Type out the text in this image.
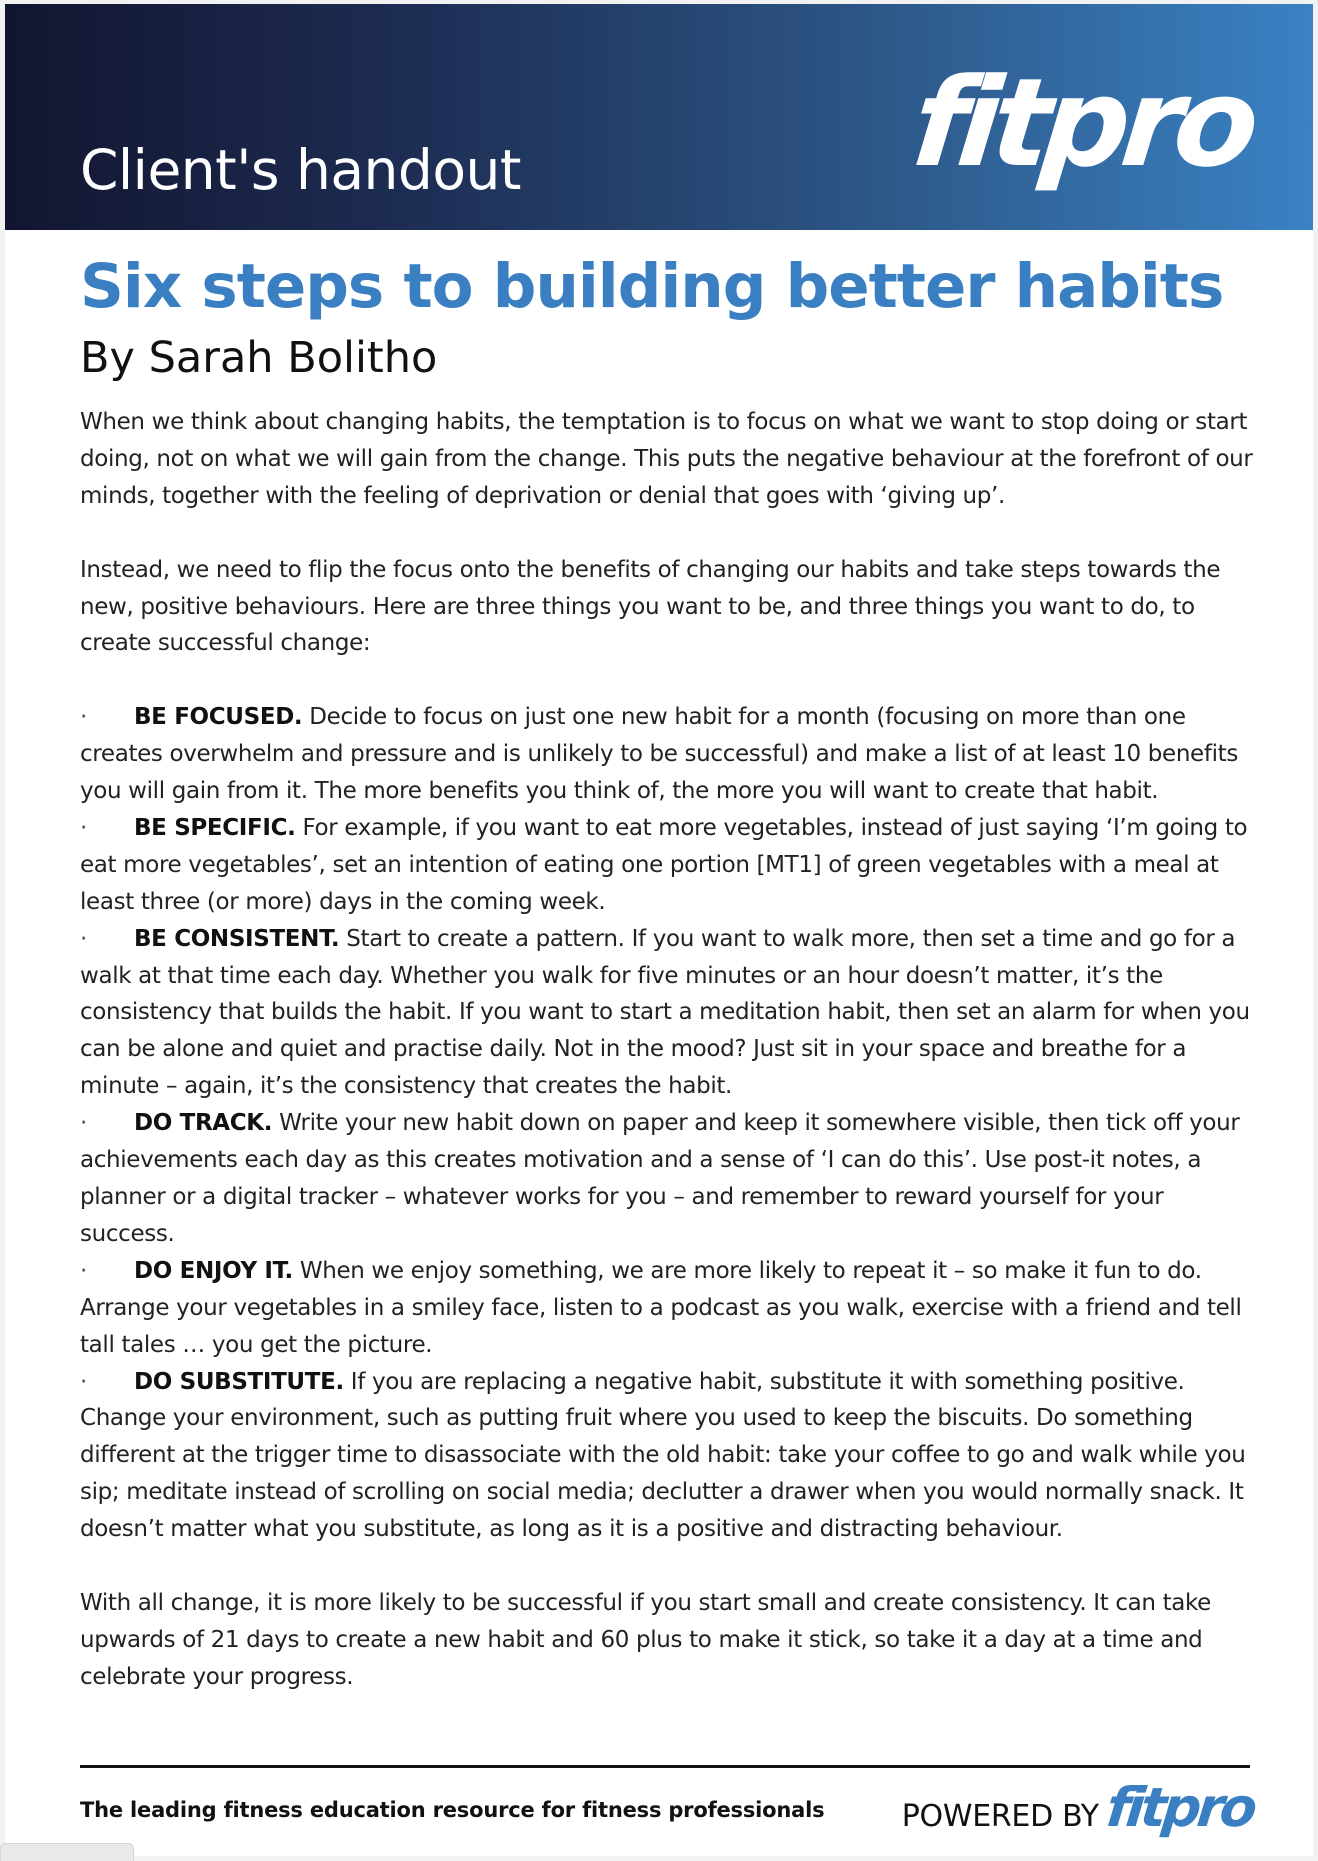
Client's handout	fitpro
Six steps to building better habits
By Sarah Bolitho

When we think about changing habits, the temptation is to focus on what we want to stop doing or start doing, not on what we will gain from the change. This puts the negative behaviour at the forefront of our minds, together with the feeling of deprivation or denial that goes with ‘giving up’.

Instead, we need to flip the focus onto the benefits of changing our habits and take steps towards the new, positive behaviours. Here are three things you want to be, and three things you want to do, to create successful change:

· BE FOCUSED. Decide to focus on just one new habit for a month (focusing on more than one creates overwhelm and pressure and is unlikely to be successful) and make a list of at least 10 benefits you will gain from it. The more benefits you think of, the more you will want to create that habit.

· BE SPECIFIC. For example, if you want to eat more vegetables, instead of just saying ‘I’m going to eat more vegetables’, set an intention of eating one portion [MT1] of green vegetables with a meal at least three (or more) days in the coming week.

· BE CONSISTENT. Start to create a pattern. If you want to walk more, then set a time and go for a walk at that time each day. Whether you walk for five minutes or an hour doesn’t matter, it’s the consistency that builds the habit. If you want to start a meditation habit, then set an alarm for when you can be alone and quiet and practise daily. Not in the mood? Just sit in your space and breathe for a minute – again, it’s the consistency that creates the habit.

· DO TRACK. Write your new habit down on paper and keep it somewhere visible, then tick off your achievements each day as this creates motivation and a sense of ‘I can do this’. Use post-it notes, a planner or a digital tracker – whatever works for you – and remember to reward yourself for your success.

· DO ENJOY IT. When we enjoy something, we are more likely to repeat it – so make it fun to do. Arrange your vegetables in a smiley face, listen to a podcast as you walk, exercise with a friend and tell tall tales … you get the picture.

· DO SUBSTITUTE. If you are replacing a negative habit, substitute it with something positive. Change your environment, such as putting fruit where you used to keep the biscuits. Do something different at the trigger time to disassociate with the old habit: take your coffee to go and walk while you sip; meditate instead of scrolling on social media; declutter a drawer when you would normally snack. It doesn’t matter what you substitute, as long as it is a positive and distracting behaviour.

With all change, it is more likely to be successful if you start small and create consistency. It can take upwards of 21 days to create a new habit and 60 plus to make it stick, so take it a day at a time and celebrate your progress.

The leading fitness education resource for fitness professionals	POWERED BY fitpro
